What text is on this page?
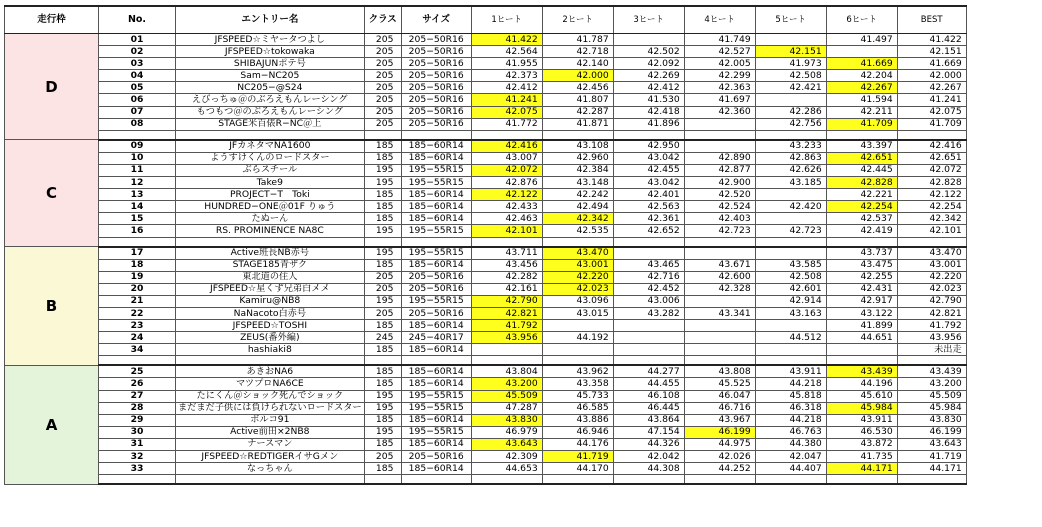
走行枠	No.	エントリー名	クラス	サイズ	1ヒート	2ヒート	3ヒート	4ヒート	5ヒート	6ヒート	BEST
D	01	JFSPEED☆ミヤータつよし	205	205−50R16	41.422	41.787		41.749		41.497	41.422
	02	JFSPEED☆tokowaka	205	205−50R16	42.564	42.718	42.502	42.527	42.151		42.151
	03	SHIBAJUNポテ号	205	205−50R16	41.955	42.140	42.092	42.005	41.973	41.669	41.669
	04	Sam−NC205	205	205−50R16	42.373	42.000	42.269	42.299	42.508	42.204	42.000
	05	NC205−@S24	205	205−50R16	42.412	42.456	42.412	42.363	42.421	42.267	42.267
	06	えびっちゅ＠のぶろえもんレーシング	205	205−50R16	41.241	41.807	41.530	41.697		41.594	41.241
	07	もつもつ＠のぶろえもんレーシング	205	205−50R16	42.075	42.287	42.418	42.360	42.286	42.211	42.075
	08	STAGE米百俵R−NC＠上	205	205−50R16	41.772	41.871	41.896		42.756	41.709	41.709

C	09	JFカネタマNA1600	185	185−60R14	42.416	43.108	42.950		43.233	43.397	42.416
	10	ようすけくんのロードスター	185	185−60R14	43.007	42.960	43.042	42.890	42.863	42.651	42.651
	11	ぶらスチール	195	195−55R15	42.072	42.384	42.455	42.877	42.626	42.445	42.072
	12	Take9	195	195−55R15	42.876	43.148	43.042	42.900	43.185	42.828	42.828
	13	PROJECT−T　Toki	185	185−60R14	42.122	42.242	42.401	42.520		42.221	42.122
	14	HUNDRED−ONE＠01F りゅう	185	185−60R14	42.433	42.494	42.563	42.524	42.420	42.254	42.254
	15	たぬーん	185	185−60R14	42.463	42.342	42.361	42.403		42.537	42.342
	16	RS. PROMINENCE NA8C	195	195−55R15	42.101	42.535	42.652	42.723	42.723	42.419	42.101

B	17	Active班長NB赤号	195	195−55R15	43.711	43.470				43.737	43.470
	18	STAGE185青ザク	185	185−60R14	43.456	43.001	43.465	43.671	43.585	43.475	43.001
	19	東北道の住人	205	205−50R16	42.282	42.220	42.716	42.600	42.508	42.255	42.220
	20	JFSPEED☆星くず兄弟白メメ	205	205−50R16	42.161	42.023	42.452	42.328	42.601	42.431	42.023
	21	Kamiru@NB8	195	195−55R15	42.790	43.096	43.006		42.914	42.917	42.790
	22	NaNacoto白赤号	205	205−50R16	42.821	43.015	43.282	43.341	43.163	43.122	42.821
	23	JFSPEED☆TOSHI	185	185−60R14	41.792					41.899	41.792
	24	ZEUS(番外編)	245	245−40R17	43.956	44.192			44.512	44.651	43.956
	34	hashiaki8	185	185−60R14							未出走

A	25	あきおNA6	185	185−60R14	43.804	43.962	44.277	43.808	43.911	43.439	43.439
	26	マツプロNA6CE	185	185−60R14	43.200	43.358	44.455	45.525	44.218	44.196	43.200
	27	たにくん＠ショック死んでショック	195	195−55R15	45.509	45.733	46.108	46.047	45.818	45.610	45.509
	28	まだまだ子供には負けられないロードスター	195	195−55R15	47.287	46.585	46.445	46.716	46.318	45.984	45.984
	29	ボルコ91	185	185−60R14	43.830	43.886	43.864	43.967	44.218	43.911	43.830
	30	Active前田×2NB8	195	195−55R15	46.979	46.946	47.154	46.199	46.763	46.530	46.199
	31	ナースマン	185	185−60R14	43.643	44.176	44.326	44.975	44.380	43.872	43.643
	32	JFSPEED☆REDTIGERイサGメン	205	205−50R16	42.309	41.719	42.042	42.026	42.047	41.735	41.719
	33	なっちゃん	185	185−60R14	44.653	44.170	44.308	44.252	44.407	44.171	44.171
